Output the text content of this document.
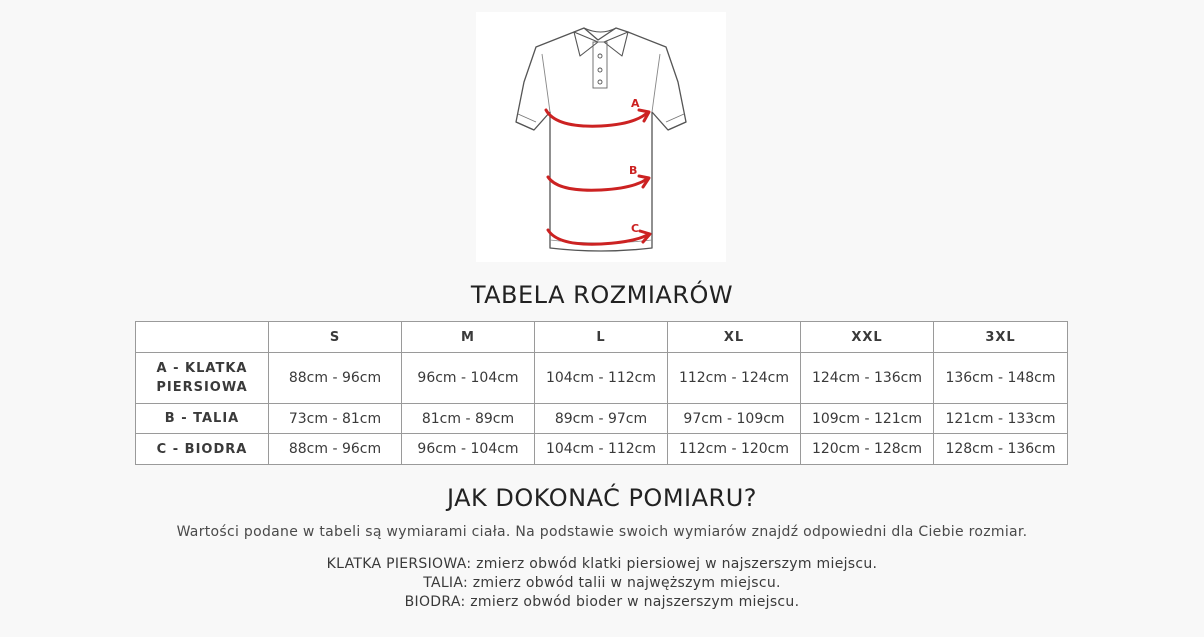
A
B
C
TABELA ROZMIARÓW
	S	M	L	XL	XXL	3XL
A - KLATKA
PIERSIOWA	88cm - 96cm	96cm - 104cm	104cm - 112cm	112cm - 124cm	124cm - 136cm	136cm - 148cm
B - TALIA	73cm - 81cm	81cm - 89cm	89cm - 97cm	97cm - 109cm	109cm - 121cm	121cm - 133cm
C - BIODRA	88cm - 96cm	96cm - 104cm	104cm - 112cm	112cm - 120cm	120cm - 128cm	128cm - 136cm
JAK DOKONAĆ POMIARU?

Wartości podane w tabeli są wymiarami ciała. Na podstawie swoich wymiarów znajdź odpowiedni dla Ciebie rozmiar.

KLATKA PIERSIOWA: zmierz obwód klatki piersiowej w najszerszym miejscu.
TALIA: zmierz obwód talii w najwęższym miejscu.
BIODRA: zmierz obwód bioder w najszerszym miejscu.
